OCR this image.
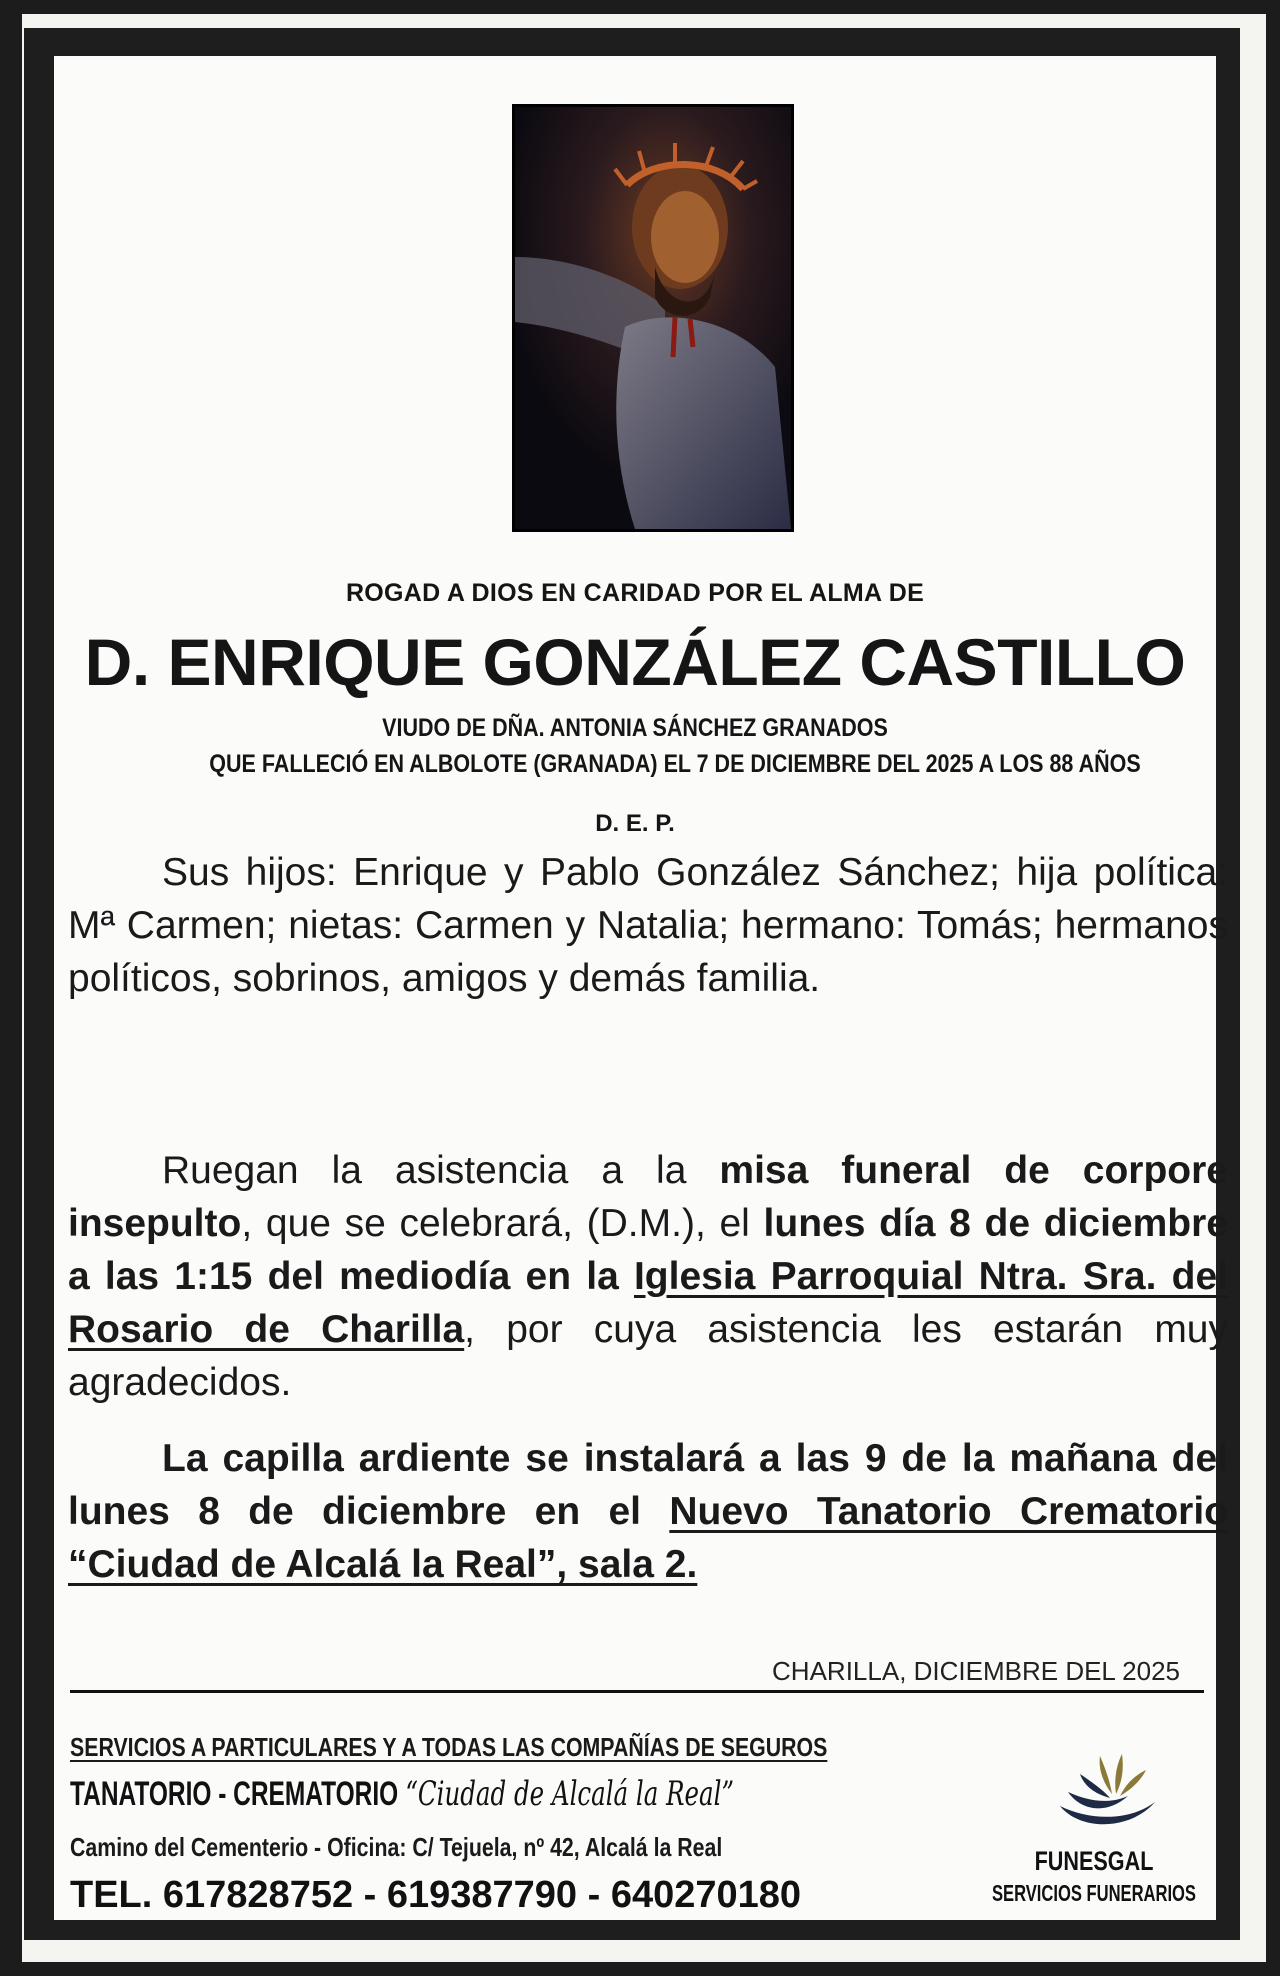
ROGAD A DIOS EN CARIDAD POR EL ALMA DE
D. ENRIQUE GONZÁLEZ CASTILLO
VIUDO DE DÑA. ANTONIA SÁNCHEZ GRANADOS
QUE FALLECIÓ EN ALBOLOTE (GRANADA) EL 7 DE DICIEMBRE DEL 2025 A LOS 88 AÑOS
D. E. P.
Sus hijos: Enrique y Pablo González Sánchez; hija política: Mª Carmen; nietas: Carmen y Natalia; hermano: Tomás; hermanos políticos, sobrinos, amigos y demás familia.
Ruegan la asistencia a la misa funeral de corpore insepulto, que se celebrará, (D.M.), el lunes día 8 de diciembre a las 1:15 del mediodía en la Iglesia Parroquial Ntra. Sra. del Rosario de Charilla, por cuya asistencia les estarán muy agradecidos.
La capilla ardiente se instalará a las 9 de la mañana del lunes 8 de diciembre en el Nuevo Tanatorio Crematorio “Ciudad de Alcalá la Real”, sala 2.
CHARILLA, DICIEMBRE DEL 2025
SERVICIOS A PARTICULARES Y A TODAS LAS COMPAÑÍAS DE SEGUROS
TANATORIO - CREMATORIO “Ciudad de Alcalá la Real”
Camino del Cementerio - Oficina: C/ Tejuela, nº 42, Alcalá la Real
TEL. 617828752 - 619387790 - 640270180
FUNESGAL
SERVICIOS FUNERARIOS
